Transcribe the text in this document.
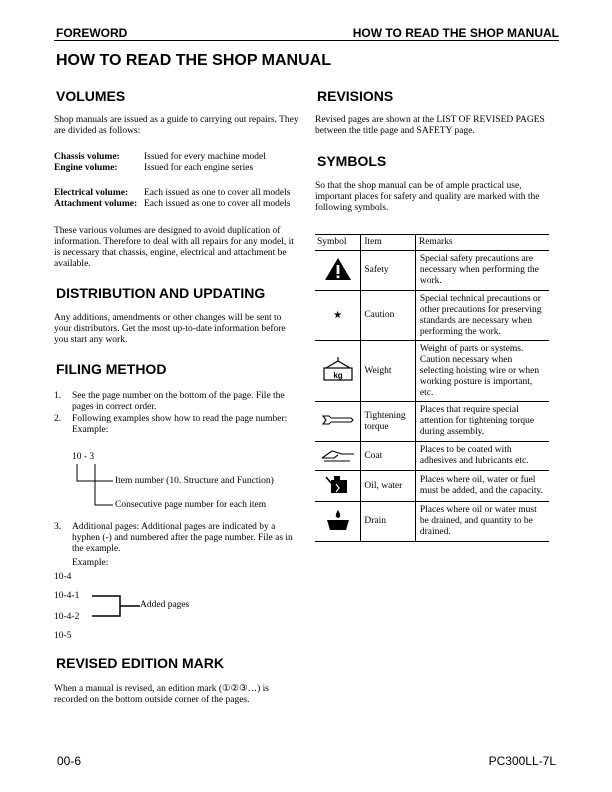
FOREWORD	HOW TO READ THE SHOP MANUAL
HOW TO READ THE SHOP MANUAL
VOLUMES
Shop manuals are issued as a guide to carrying out repairs. They are divided as follows:
Chassis volume:	Issued for every machine model
Engine volume:	Issued for each engine series
Electrical volume: Each issued as one to cover all models
Attachment volume: Each issued as one to cover all models
These various volumes are designed to avoid duplication of information. Therefore to deal with all repairs for any model, it is necessary that chassis, engine, electrical and attachment be available.
DISTRIBUTION AND UPDATING
Any additions, amendments or other changes will be sent to your distributors. Get the most up-to-date information before you start any work.
FILING METHOD
1.	See the page number on the bottom of the page. File the pages in correct order.
2.	Following examples show how to read the page number:
Example:
10 - 3
Item number (10. Structure and Function)
Consecutive page number for each item
3.	Additional pages: Additional pages are indicated by a hyphen (-) and numbered after the page number. File as in the example.
Example:
10-4
10-4-1
10-4-2
10-5
Added pages
REVISED EDITION MARK
When a manual is revised, an edition mark (①②③…) is recorded on the bottom outside corner of the pages.
REVISIONS
Revised pages are shown at the LIST OF REVISED PAGES between the title page and SAFETY page.
SYMBOLS
So that the shop manual can be of ample practical use, important places for safety and quality are marked with the following symbols.
Symbol	Item	Remarks
	Safety	Special safety precautions are necessary when performing the work.
★	Caution	Special technical precautions or other precautions for preserving standards are necessary when performing the work.

kg	Weight	Weight of parts or systems. Caution necessary when selecting hoisting wire or when working posture is important, etc.
	Tightening torque	Places that require special attention for tightening torque during assembly.
	Coat	Places to be coated with adhesives and lubricants etc.
	Oil, water	Places where oil, water or fuel must be added, and the capacity.
	Drain	Places where oil or water must be drained, and quantity to be drained.
00-6	PC300LL-7L
